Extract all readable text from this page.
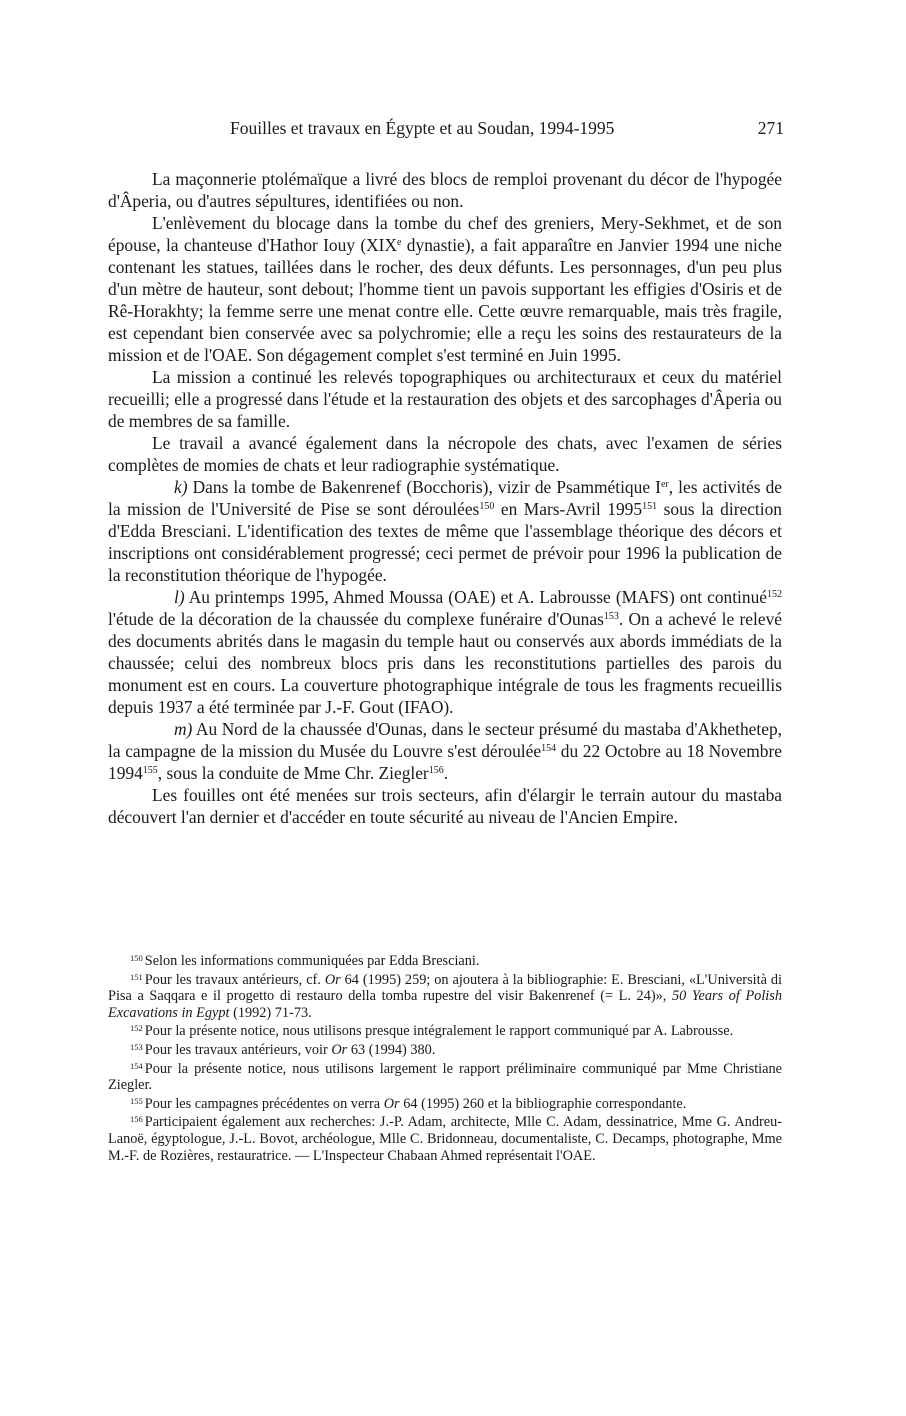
Fouilles et travaux en Égypte et au Soudan, 1994-1995	271

La maçonnerie ptolémaïque a livré des blocs de remploi provenant du décor de l'hypogée d'Âperia, ou d'autres sépultures, identifiées ou non.

L'enlèvement du blocage dans la tombe du chef des greniers, Mery-Sekhmet, et de son épouse, la chanteuse d'Hathor Iouy (XIXe dynastie), a fait apparaître en Janvier 1994 une niche contenant les statues, taillées dans le rocher, des deux défunts. Les personnages, d'un peu plus d'un mètre de hauteur, sont debout; l'homme tient un pavois supportant les effigies d'Osiris et de Rê-Horakhty; la femme serre une menat contre elle. Cette œuvre remarquable, mais très fragile, est cependant bien conservée avec sa polychromie; elle a reçu les soins des restaurateurs de la mission et de l'OAE. Son dégagement complet s'est terminé en Juin 1995.

La mission a continué les relevés topographiques ou architecturaux et ceux du matériel recueilli; elle a progressé dans l'étude et la restauration des objets et des sarcophages d'Âperia ou de membres de sa famille.

Le travail a avancé également dans la nécropole des chats, avec l'examen de séries complètes de momies de chats et leur radiographie systématique.

k) Dans la tombe de Bakenrenef (Bocchoris), vizir de Psammétique Ier, les activités de la mission de l'Université de Pise se sont déroulées$^{150}$ en Mars-Avril 1995$^{151}$ sous la direction d'Edda Bresciani. L'identification des textes de même que l'assemblage théorique des décors et inscriptions ont considérablement progressé; ceci permet de prévoir pour 1996 la publication de la reconstitution théorique de l'hypogée.

l) Au printemps 1995, Ahmed Moussa (OAE) et A. Labrousse (MAFS) ont continué$^{152}$ l'étude de la décoration de la chaussée du complexe funéraire d'Ounas$^{153}$. On a achevé le relevé des documents abrités dans le magasin du temple haut ou conservés aux abords immédiats de la chaussée; celui des nombreux blocs pris dans les reconstitutions partielles des parois du monument est en cours. La couverture photographique intégrale de tous les fragments recueillis depuis 1937 a été terminée par J.-F. Gout (IFAO).

m) Au Nord de la chaussée d'Ounas, dans le secteur présumé du mastaba d'Akhethetep, la campagne de la mission du Musée du Louvre s'est déroulée$^{154}$ du 22 Octobre au 18 Novembre 1994$^{155}$, sous la conduite de Mme Chr. Ziegler$^{156}$.

Les fouilles ont été menées sur trois secteurs, afin d'élargir le terrain autour du mastaba découvert l'an dernier et d'accéder en toute sécurité au niveau de l'Ancien Empire.

$^{150}$ Selon les informations communiquées par Edda Bresciani.

$^{151}$ Pour les travaux antérieurs, cf. Or 64 (1995) 259; on ajoutera à la bibliographie: E. Bresciani, «L'Università di Pisa a Saqqara e il progetto di restauro della tomba rupestre del visir Bakenrenef (= L. 24)», 50 Years of Polish Excavations in Egypt (1992) 71-73.

$^{152}$ Pour la présente notice, nous utilisons presque intégralement le rapport communiqué par A. Labrousse.

$^{153}$ Pour les travaux antérieurs, voir Or 63 (1994) 380.

$^{154}$ Pour la présente notice, nous utilisons largement le rapport préliminaire communiqué par Mme Christiane Ziegler.

$^{155}$ Pour les campagnes précédentes on verra Or 64 (1995) 260 et la bibliographie correspondante.

$^{156}$ Participaient également aux recherches: J.-P. Adam, architecte, Mlle C. Adam, dessinatrice, Mme G. Andreu-Lanoë, égyptologue, J.-L. Bovot, archéologue, Mlle C. Bridonneau, documentaliste, C. Decamps, photographe, Mme M.-F. de Rozières, restauratrice. — L'Inspecteur Chabaan Ahmed représentait l'OAE.
